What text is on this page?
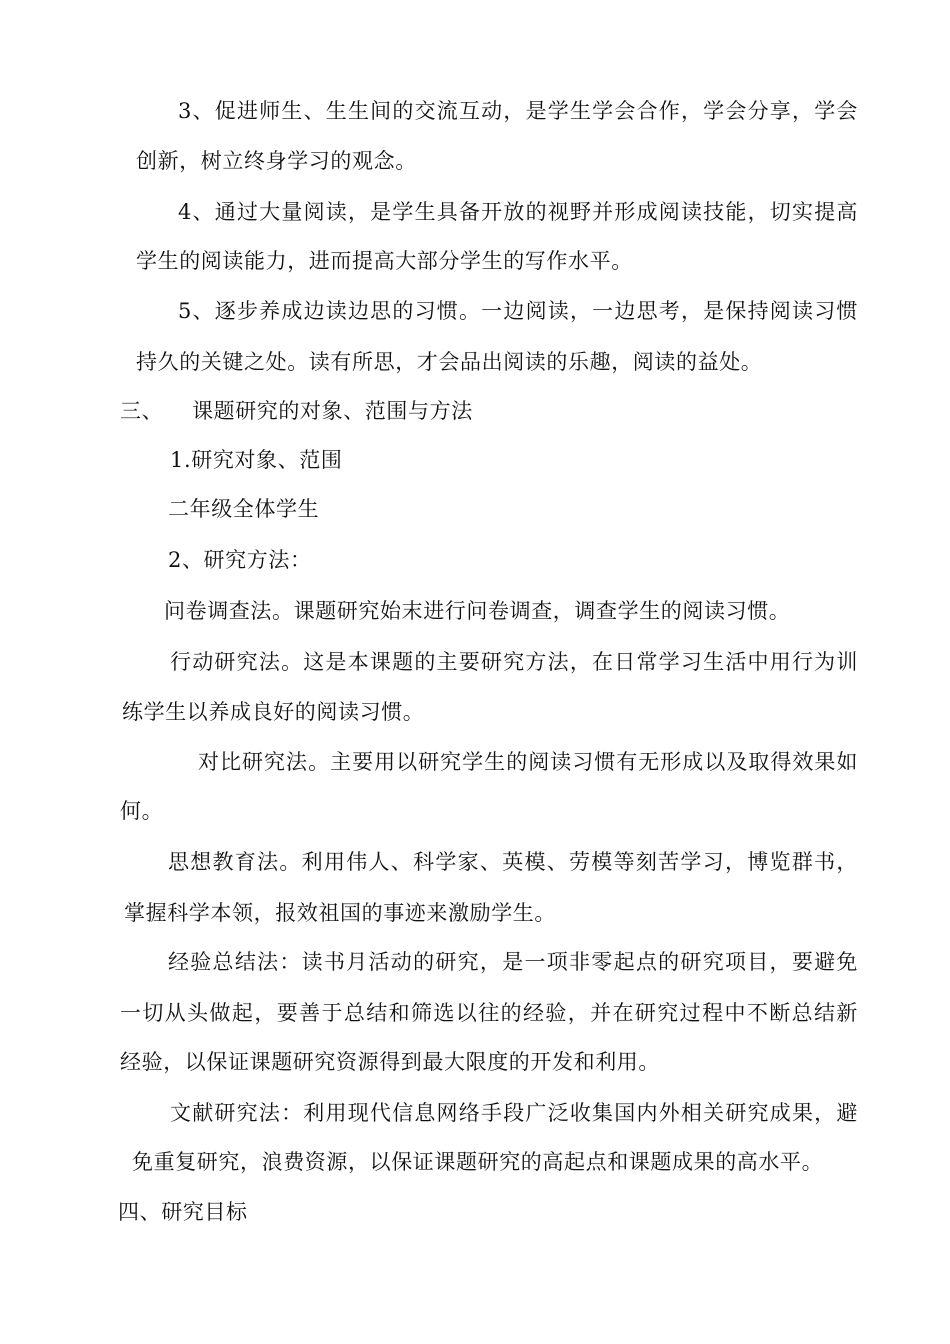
3、促进师生、生生间的交流互动，是学生学会合作，学会分享，学会
创新，树立终身学习的观念。
4、通过大量阅读，是学生具备开放的视野并形成阅读技能，切实提高
学生的阅读能力，进而提高大部分学生的写作水平。
5、逐步养成边读边思的习惯。一边阅读，一边思考，是保持阅读习惯
持久的关键之处。读有所思，才会品出阅读的乐趣，阅读的益处。
三、 课题研究的对象、范围与方法
1.研究对象、范围
二年级全体学生
2、研究方法：
问卷调查法。课题研究始末进行问卷调查，调查学生的阅读习惯。
行动研究法。这是本课题的主要研究方法，在日常学习生活中用行为训
练学生以养成良好的阅读习惯。
对比研究法。主要用以研究学生的阅读习惯有无形成以及取得效果如
何。
思想教育法。利用伟人、科学家、英模、劳模等刻苦学习，博览群书，
掌握科学本领，报效祖国的事迹来激励学生。
经验总结法：读书月活动的研究，是一项非零起点的研究项目，要避免
一切从头做起，要善于总结和筛选以往的经验，并在研究过程中不断总结新
经验，以保证课题研究资源得到最大限度的开发和利用。
文献研究法：利用现代信息网络手段广泛收集国内外相关研究成果，避
免重复研究，浪费资源，以保证课题研究的高起点和课题成果的高水平。
四、研究目标
